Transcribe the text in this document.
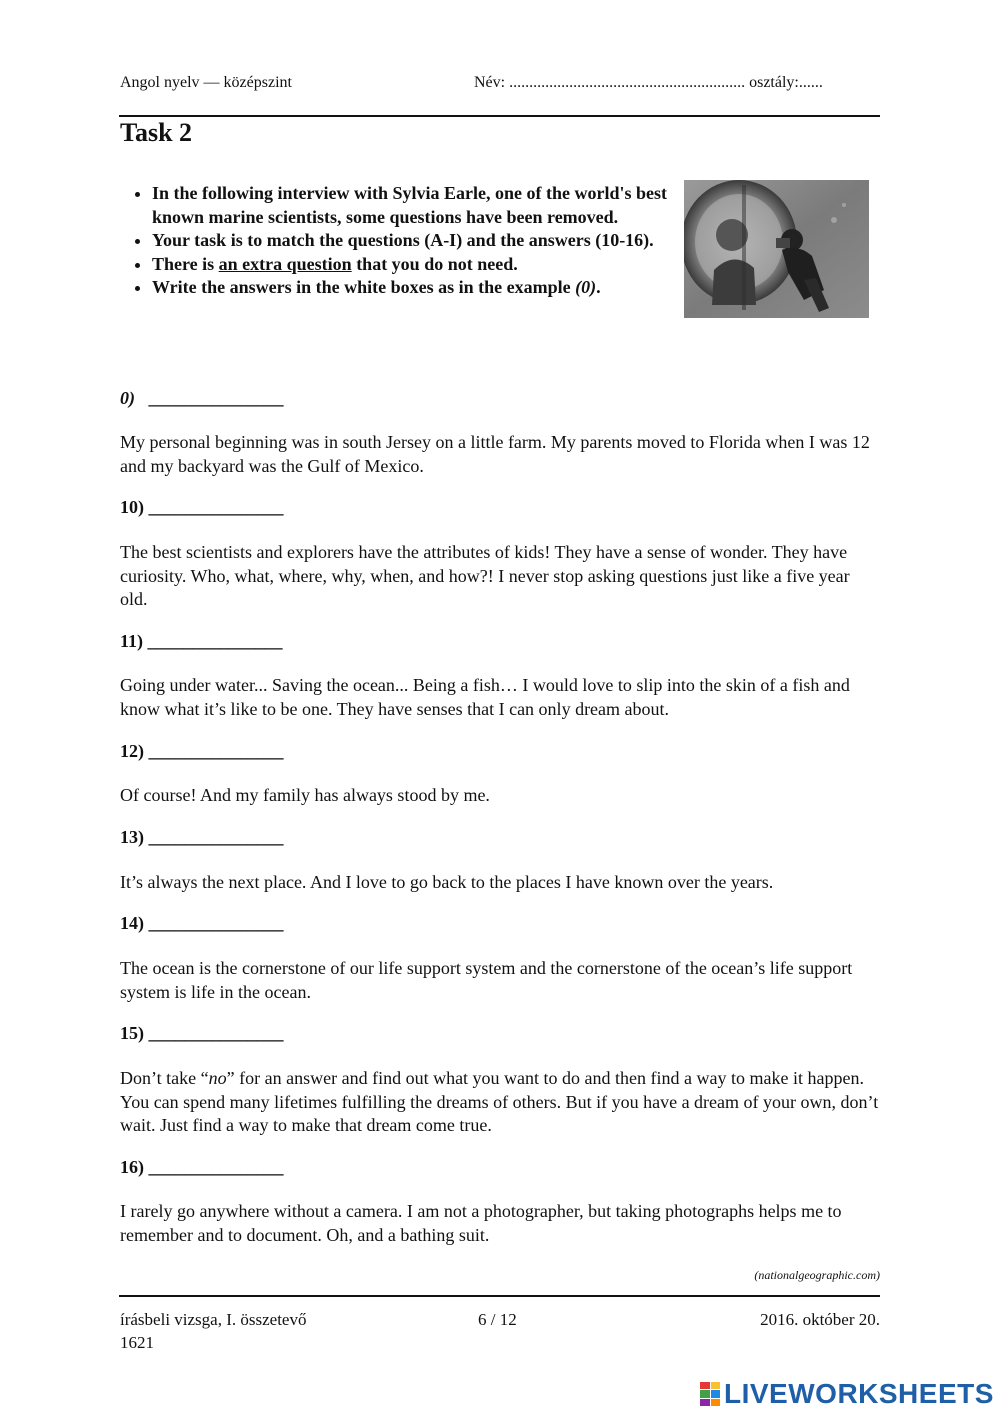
Angol nyelv — középszint	Név: ........................................................... osztály:......
Task 2
• In the following interview with Sylvia Earle, one of the world's best known marine scientists, some questions have been removed.
• Your task is to match the questions (A-I) and the answers (10-16).
• There is an extra question that you do not need.
• Write the answers in the white boxes as in the example (0).
0) _______________

My personal beginning was in south Jersey on a little farm. My parents moved to Florida when I was 12 and my backyard was the Gulf of Mexico.

10) _______________

The best scientists and explorers have the attributes of kids! They have a sense of wonder. They have curiosity. Who, what, where, why, when, and how?! I never stop asking questions just like a five year old.

11) _______________

Going under water... Saving the ocean... Being a fish… I would love to slip into the skin of a fish and know what it’s like to be one. They have senses that I can only dream about.

12) _______________

Of course! And my family has always stood by me.

13) _______________

It’s always the next place. And I love to go back to the places I have known over the years.

14) _______________

The ocean is the cornerstone of our life support system and the cornerstone of the ocean’s life support system is life in the ocean.

15) _______________

Don’t take “no” for an answer and find out what you want to do and then find a way to make it happen. You can spend many lifetimes fulfilling the dreams of others. But if you have a dream of your own, don’t wait. Just find a way to make that dream come true.

16) _______________

I rarely go anywhere without a camera. I am not a photographer, but taking photographs helps me to remember and to document. Oh, and a bathing suit.

(nationalgeographic.com)
írásbeli vizsga, I. összetevő
1621
6 / 12	2016. október 20.
LIVEWORKSHEETS
